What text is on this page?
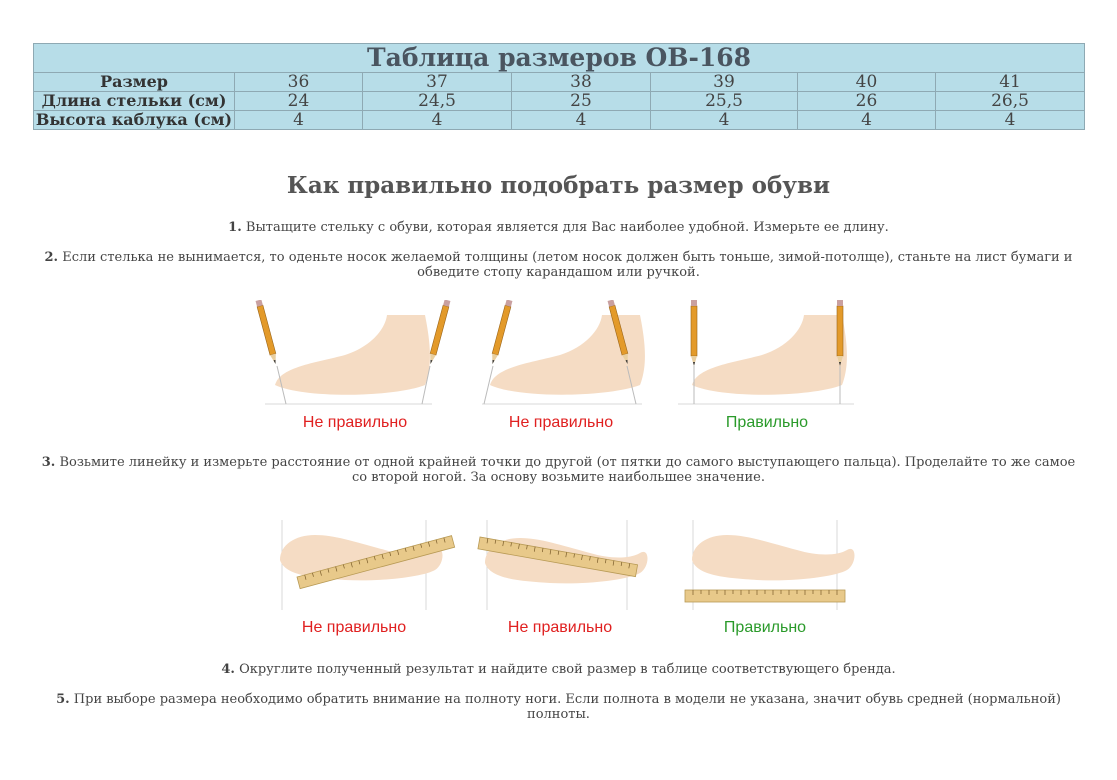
Таблица размеров ОВ-168						
Размер	36	37	38	39	40	41
Длина стельки (см)	24	24,5	25	25,5	26	26,5
Высота каблука (см)	4	4	4	4	4	4
Как правильно подобрать размер обуви
1. Вытащите стельку с обуви, которая является для Вас наиболее удобной. Измерьте ее длину.
2. Если стелька не вынимается, то оденьте носок желаемой толщины (летом носок должен быть тоньше, зимой-потолще), станьте на лист бумаги и обведите стопу карандашом или ручкой.
Не правильно	Не правильно	Правильно
3. Возьмите линейку и измерьте расстояние от одной крайней точки до другой (от пятки до самого выступающего пальца). Проделайте то же самое со второй ногой. За основу возьмите наибольшее значение.
Не правильно	Не правильно	Правильно
4. Округлите полученный результат и найдите свой размер в таблице соответствующего бренда.
5. При выборе размера необходимо обратить внимание на полноту ноги. Если полнота в модели не указана, значит обувь средней (нормальной) полноты.
